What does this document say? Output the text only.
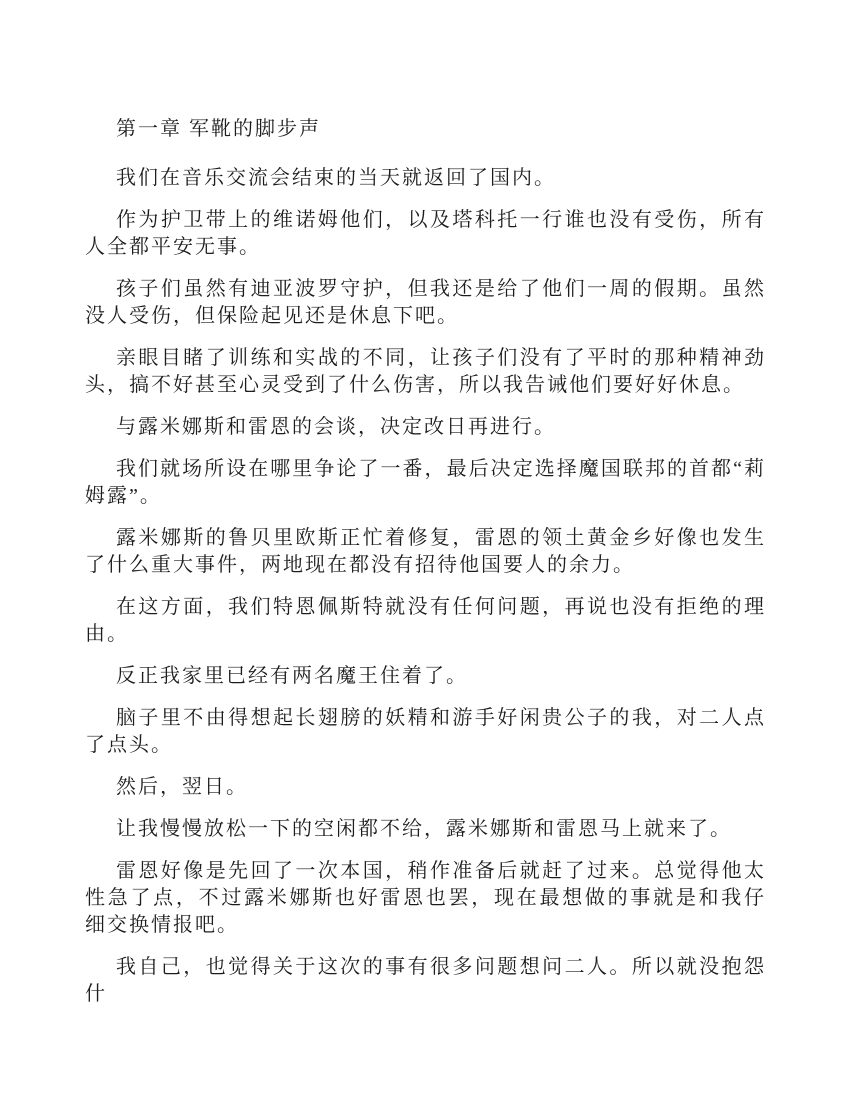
第一章 军靴的脚步声

我们在音乐交流会结束的当天就返回了国内。

作为护卫带上的维诺姆他们，以及塔科托一行谁也没有受伤，所有人全都平安无事。

孩子们虽然有迪亚波罗守护，但我还是给了他们一周的假期。虽然没人受伤，但保险起见还是休息下吧。

亲眼目睹了训练和实战的不同，让孩子们没有了平时的那种精神劲头，搞不好甚至心灵受到了什么伤害，所以我告诫他们要好好休息。

与露米娜斯和雷恩的会谈，决定改日再进行。

我们就场所设在哪里争论了一番，最后决定选择魔国联邦的首都“莉姆露”。

露米娜斯的鲁贝里欧斯正忙着修复，雷恩的领土黄金乡好像也发生了什么重大事件，两地现在都没有招待他国要人的余力。

在这方面，我们特恩佩斯特就没有任何问题，再说也没有拒绝的理由。

反正我家里已经有两名魔王住着了。

脑子里不由得想起长翅膀的妖精和游手好闲贵公子的我，对二人点了点头。

然后，翌日。

让我慢慢放松一下的空闲都不给，露米娜斯和雷恩马上就来了。

雷恩好像是先回了一次本国，稍作准备后就赶了过来。总觉得他太性急了点，不过露米娜斯也好雷恩也罢，现在最想做的事就是和我仔细交换情报吧。

我自己，也觉得关于这次的事有很多问题想问二人。所以就没抱怨什
